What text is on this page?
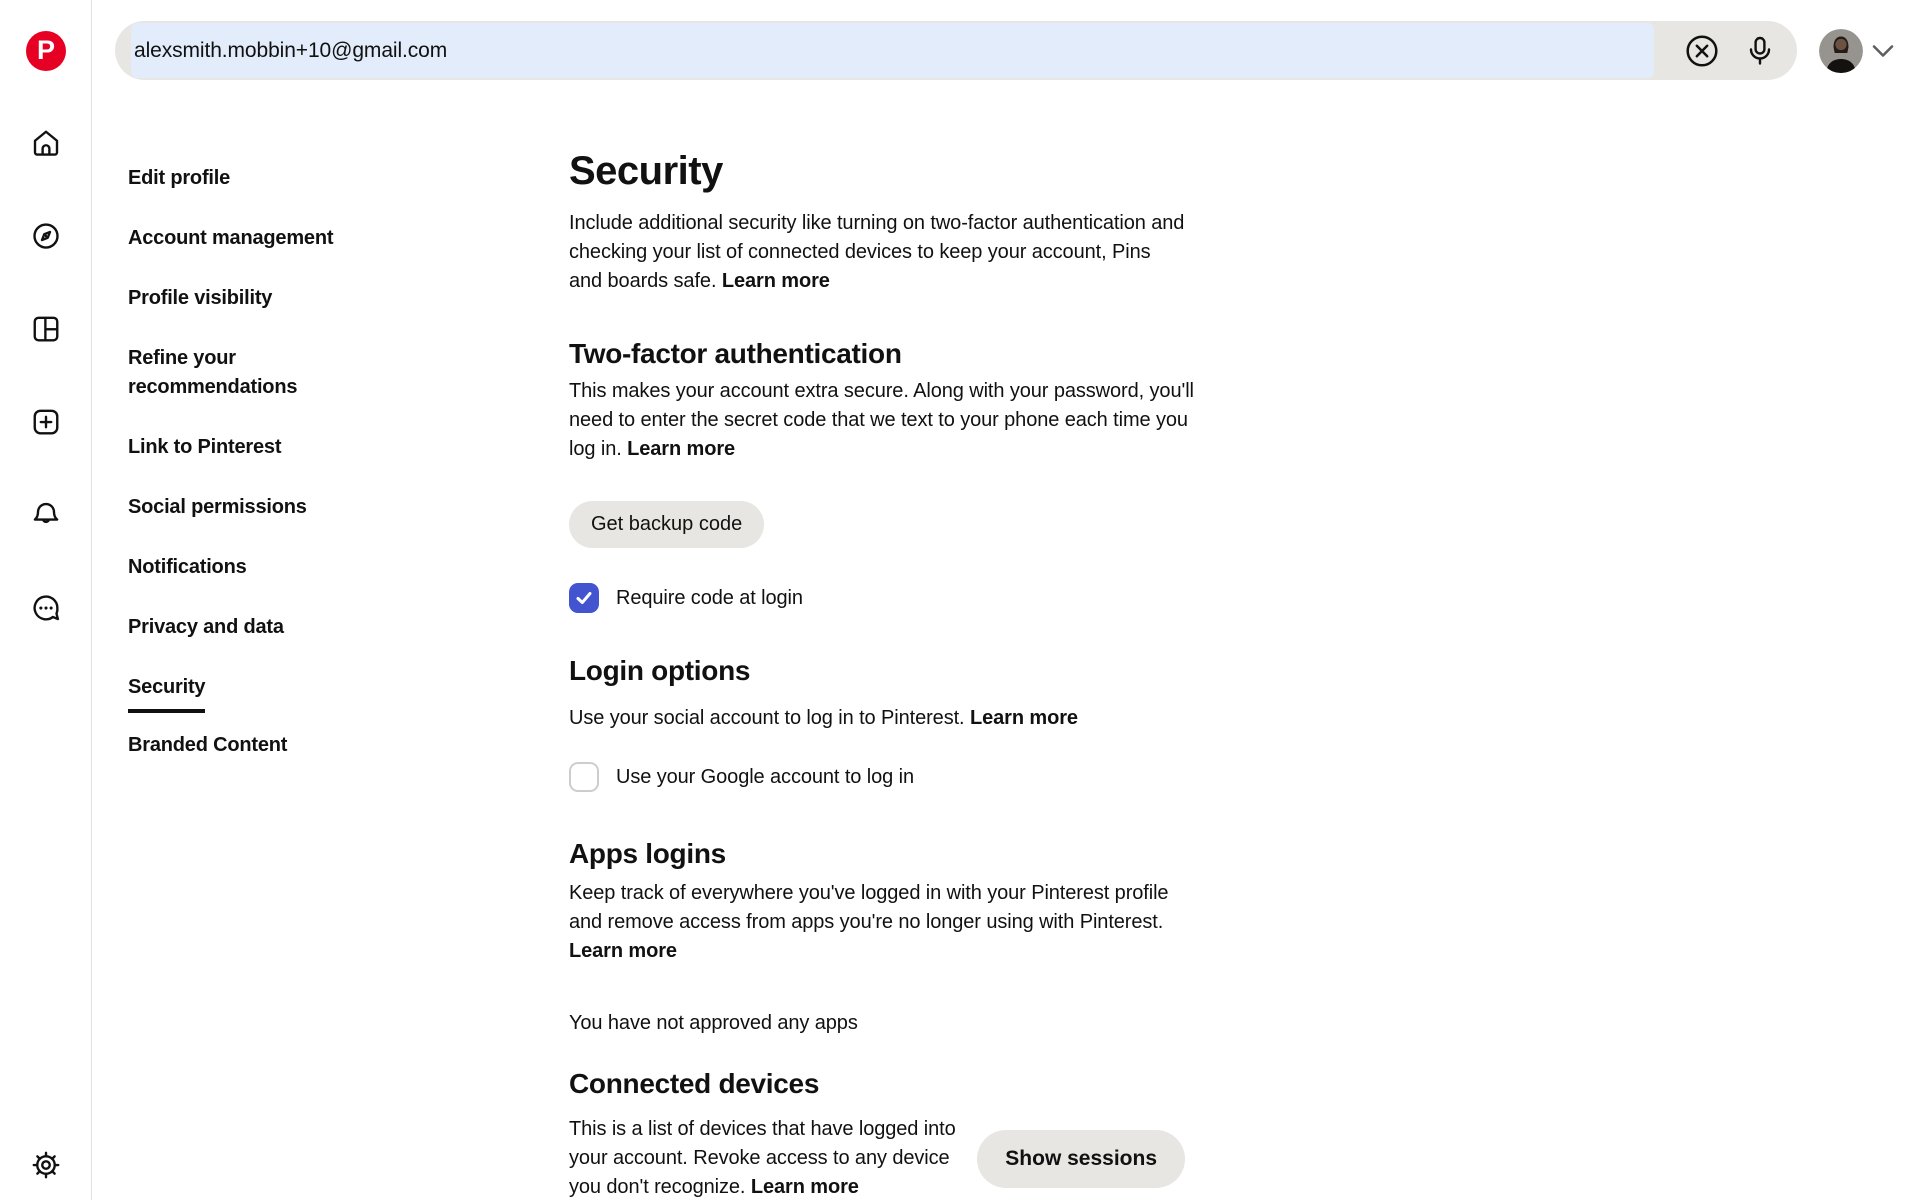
P	alexsmith.mobbin+10@gmail.com
Edit profile
Account management
Profile visibility
Refine your recommendations
Link to Pinterest
Social permissions
Notifications
Privacy and data
Security
Branded Content
Security

Include additional security like turning on two-factor authentication and checking your list of connected devices to keep your account, Pins and boards safe. Learn more

Two-factor authentication

This makes your account extra secure. Along with your password, you'll need to enter the secret code that we text to your phone each time you log in. Learn more

Get backup code
Require code at login
Login options

Use your social account to log in to Pinterest. Learn more

Use your Google account to log in
Apps logins

Keep track of everywhere you've logged in with your Pinterest profile and remove access from apps you're no longer using with Pinterest. Learn more

You have not approved any apps

Connected devices

This is a list of devices that have logged into your account. Revoke access to any device you don't recognize. Learn more

Show sessions
